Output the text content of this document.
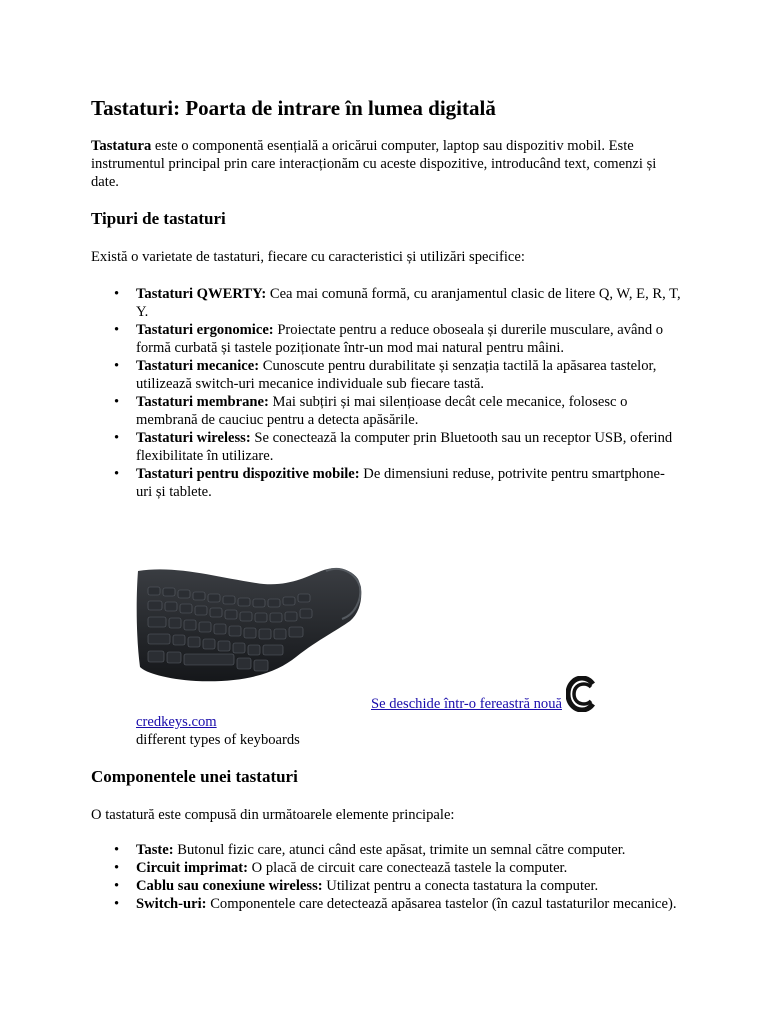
Tastaturi: Poarta de intrare în lumea digitală

Tastatura este o componentă esențială a oricărui computer, laptop sau dispozitiv mobil. Este instrumentul principal prin care interacționăm cu aceste dispozitive, introducând text, comenzi și date.

Tipuri de tastaturi

Există o varietate de tastaturi, fiecare cu caracteristici și utilizări specifice:

• Tastaturi QWERTY: Cea mai comună formă, cu aranjamentul clasic de litere Q, W, E, R, T, Y.
• Tastaturi ergonomice: Proiectate pentru a reduce oboseala și durerile musculare, având o formă curbată și tastele poziționate într-un mod mai natural pentru mâini.
• Tastaturi mecanice: Cunoscute pentru durabilitate și senzația tactilă la apăsarea tastelor, utilizează switch-uri mecanice individuale sub fiecare tastă.
• Tastaturi membrane: Mai subțiri și mai silențioase decât cele mecanice, folosesc o membrană de cauciuc pentru a detecta apăsările.
• Tastaturi wireless: Se conectează la computer prin Bluetooth sau un receptor USB, oferind flexibilitate în utilizare.
• Tastaturi pentru dispozitive mobile: De dimensiuni reduse, potrivite pentru smartphone-uri și tablete.
Se deschide într-o fereastră nouă
credkeys.com
different types of keyboards
Componentele unei tastaturi

O tastatură este compusă din următoarele elemente principale:

• Taste: Butonul fizic care, atunci când este apăsat, trimite un semnal către computer.
• Circuit imprimat: O placă de circuit care conectează tastele la computer.
• Cablu sau conexiune wireless: Utilizat pentru a conecta tastatura la computer.
• Switch-uri: Componentele care detectează apăsarea tastelor (în cazul tastaturilor mecanice).
